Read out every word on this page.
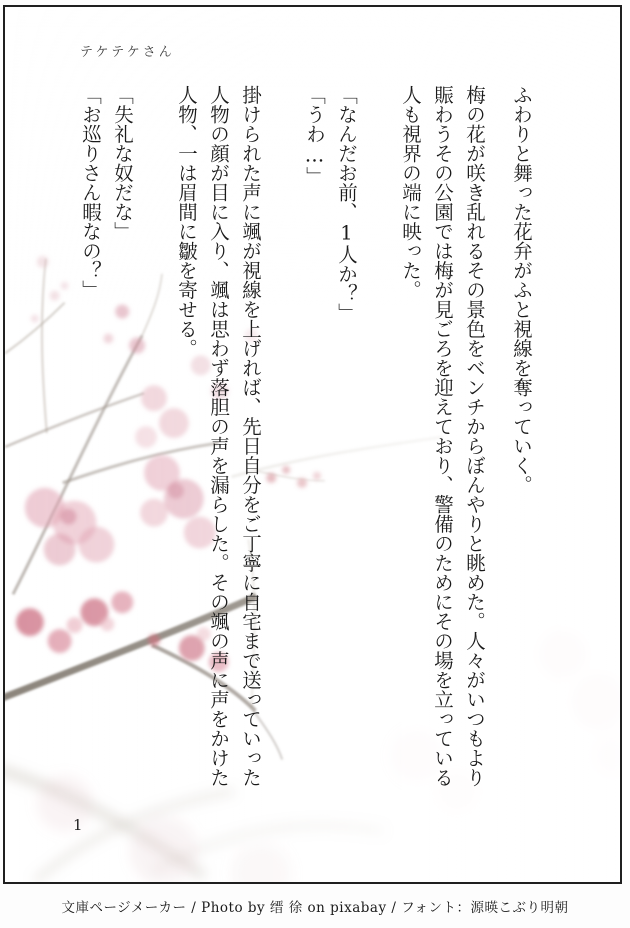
テケテケさん

ふわりと舞った花弁がふと視線を奪っていく。

梅の花が咲き乱れるその景色をベンチからぼんやりと眺めた。人々がいつもより

賑わうその公園では梅が見ごろを迎えており、警備のためにその場を立っている

人も視界の端に映った。

「なんだお前、1人か？」

「うわ…」

掛けられた声に颯が視線を上げれば、先日自分をご丁寧に自宅まで送っていった

人物の顔が目に入り、颯は思わず落胆の声を漏らした。その颯の声に声をかけた

人物、一は眉間に皺を寄せる。

「失礼な奴だな」

「お巡りさん暇なの？」

1
文庫ページメーカー / Photo by 缙 徐 on pixabay / フォント：源暎こぶり明朝
